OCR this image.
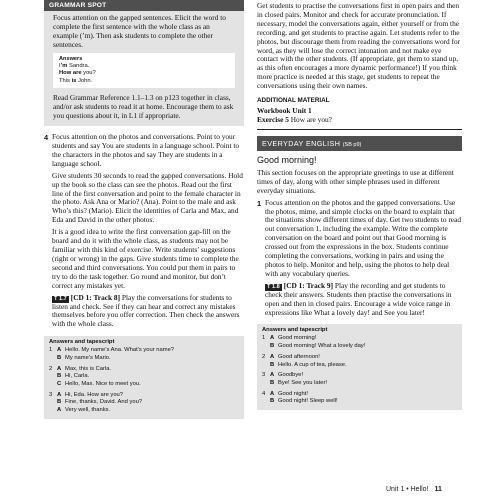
GRAMMAR SPOT

Focus attention on the gapped sentences. Elicit the word to complete the first sentence with the whole class as an example (’m). Then ask students to complete the other sentences.

Answers
I’m Sandra.
How are you?
This is John.

Read Grammar Reference 1.1–1.3 on p123 together in class, and/or ask students to read it at home. Encourage them to ask you questions about it, in L1 if appropriate.

4 Focus attention on the photos and conversations. Point to your students and say You are students in a language school. Point to the characters in the photos and say They are students in a language school.

Give students 30 seconds to read the gapped conversations. Hold up the book so the class can see the photos. Read out the first line of the first conversation and point to the female character in the photo. Ask Ana or Mario? (Ana). Point to the male and ask Who’s this? (Mario). Elicit the identities of Carla and Max, and Eda and David in the other photos.

It is a good idea to write the first conversation gap-fill on the board and do it with the whole class, as students may not be familiar with this kind of exercise. Write students’ suggestions (right or wrong) in the gaps. Give students time to complete the second and third conversations. You could put them in pairs to try to do the task together. Go round and monitor, but don’t correct any mistakes yet.

T 1.7 [CD 1: Track 8] Play the conversations for students to listen and check. See if they can hear and correct any mistakes themselves before you offer correction. Then check the answers with the whole class.

Answers and tapescript
1 A Hello. My name’s Ana. What’s your name?
B My name’s Mario.
2 A Max, this is Carla.
B Hi, Carla.
C Hello, Max. Nice to meet you.
3 A Hi, Eda. How are you?
B Fine, thanks, David. And you?
A Very well, thanks.

Get students to practise the conversations first in open pairs and then in closed pairs. Monitor and check for accurate pronunciation. If necessary, model the conversations again, either yourself or from the recording, and get students to practise again. Let students refer to the photos, but discourage them from reading the conversations word for word, as they will lose the correct intonation and not make eye contact with the other students. (If appropriate, get them to stand up, as this often encourages a more dynamic performance!) If you think more practice is needed at this stage, get students to repeat the conversations using their own names.

ADDITIONAL MATERIAL
Workbook Unit 1
Exercise 5 How are you?
EVERYDAY ENGLISH (SB p9)
Good morning!

This section focuses on the appropriate greetings to use at different times of day, along with other simple phrases used in different everyday situations.

1 Focus attention on the photos and the gapped conversations. Use the photos, mime, and simple clocks on the board to explain that the situations show different times of day. Get two students to read out conversation 1, including the example. Write the complete conversation on the board and point out that Good morning is crossed out from the expressions in the box. Students continue completing the conversations, working in pairs and using the photos to help. Monitor and help, using the photos to help deal with any vocabulary queries.

T 1.8 [CD 1: Track 9] Play the recording and get students to check their answers. Students then practise the conversations in open and then in closed pairs. Encourage a wide voice range in expressions like What a lovely day! and See you later!

Answers and tapescript
1 A Good morning!
B Good morning! What a lovely day!
2 A Good afternoon!
B Hello. A cup of tea, please.
3 A Goodbye!
B Bye! See you later!
4 A Good night!
B Good night! Sleep well!
Unit 1 • Hello! 11
